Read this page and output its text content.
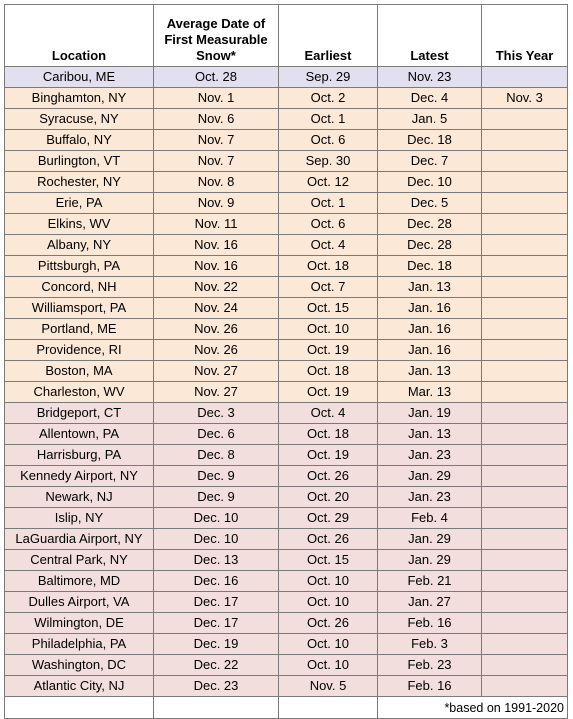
Location	Average Date of First Measurable Snow*	Earliest	Latest	This Year

Caribou, ME	Oct. 28	Sep. 29	Nov. 23	
Binghamton, NY	Nov. 1	Oct. 2	Dec. 4	Nov. 3
Syracuse, NY	Nov. 6	Oct. 1	Jan. 5	
Buffalo, NY	Nov. 7	Oct. 6	Dec. 18	
Burlington, VT	Nov. 7	Sep. 30	Dec. 7	
Rochester, NY	Nov. 8	Oct. 12	Dec. 10	
Erie, PA	Nov. 9	Oct. 1	Dec. 5	
Elkins, WV	Nov. 11	Oct. 6	Dec. 28	
Albany, NY	Nov. 16	Oct. 4	Dec. 28	
Pittsburgh, PA	Nov. 16	Oct. 18	Dec. 18	
Concord, NH	Nov. 22	Oct. 7	Jan. 13	
Williamsport, PA	Nov. 24	Oct. 15	Jan. 16	
Portland, ME	Nov. 26	Oct. 10	Jan. 16	
Providence, RI	Nov. 26	Oct. 19	Jan. 16	
Boston, MA	Nov. 27	Oct. 18	Jan. 13	
Charleston, WV	Nov. 27	Oct. 19	Mar. 13	
Bridgeport, CT	Dec. 3	Oct. 4	Jan. 19	
Allentown, PA	Dec. 6	Oct. 18	Jan. 13	
Harrisburg, PA	Dec. 8	Oct. 19	Jan. 23	
Kennedy Airport, NY	Dec. 9	Oct. 26	Jan. 29	
Newark, NJ	Dec. 9	Oct. 20	Jan. 23	
Islip, NY	Dec. 10	Oct. 29	Feb. 4	
LaGuardia Airport, NY	Dec. 10	Oct. 26	Jan. 29	
Central Park, NY	Dec. 13	Oct. 15	Jan. 29	
Baltimore, MD	Dec. 16	Oct. 10	Feb. 21	
Dulles Airport, VA	Dec. 17	Oct. 10	Jan. 27	
Wilmington, DE	Dec. 17	Oct. 26	Feb. 16	
Philadelphia, PA	Dec. 19	Oct. 10	Feb. 3	
Washington, DC	Dec. 22	Oct. 10	Feb. 23	
Atlantic City, NJ	Dec. 23	Nov. 5	Feb. 16	
			*based on 1991-2020	
